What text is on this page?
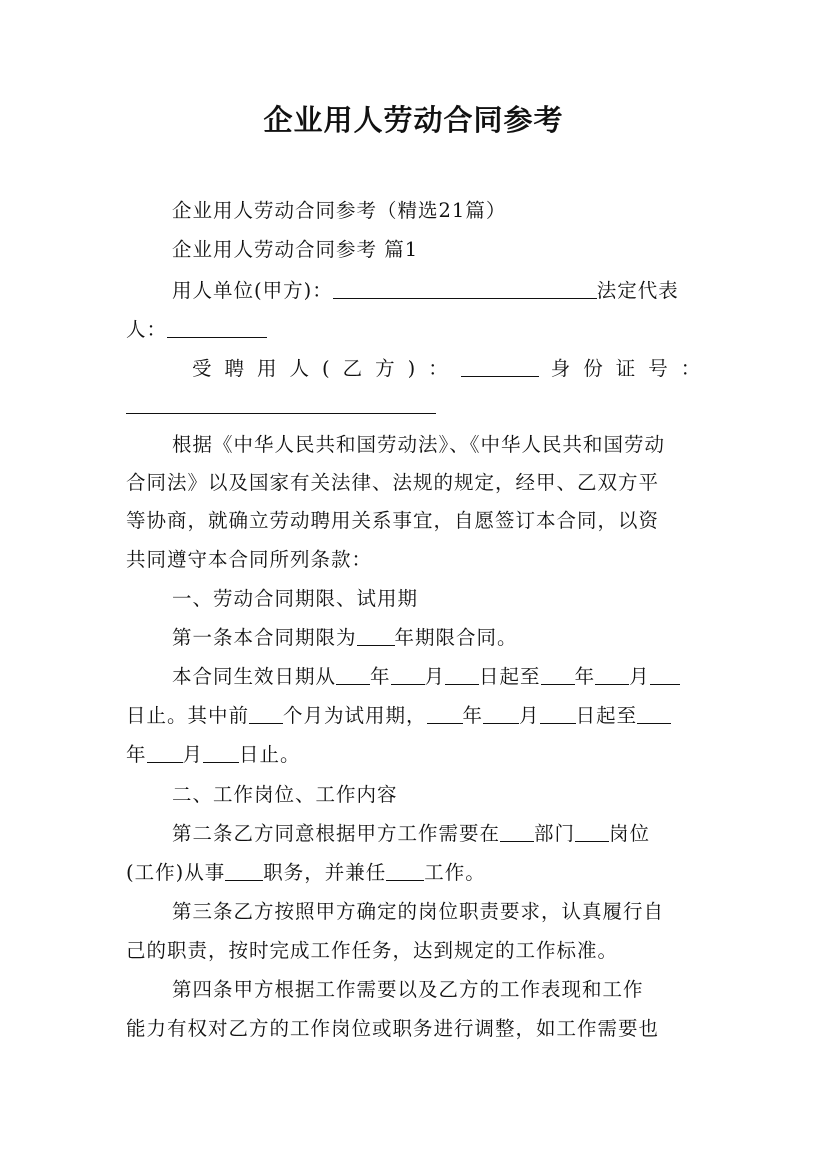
企业用人劳动合同参考
企业用人劳动合同参考（精选21篇）
企业用人劳动合同参考 篇1
用人单位(甲方)：	法定代表
人：
受聘用人(乙方)：	身份证号：
根据《中华人民共和国劳动法》、《中华人民共和国劳动
合同法》以及国家有关法律、法规的规定，经甲、乙双方平
等协商，就确立劳动聘用关系事宜，自愿签订本合同，以资
共同遵守本合同所列条款：
一、劳动合同期限、试用期
第一条本合同期限为 年期限合同。
本合同生效日期从 年 月 日起至 年 月
日止。其中前 个月为试用期， 年 月 日起至
年 月 日止。
二、工作岗位、工作内容
第二条乙方同意根据甲方工作需要在 部门 岗位
(工作)从事 职务，并兼任 工作。
第三条乙方按照甲方确定的岗位职责要求，认真履行自
己的职责，按时完成工作任务，达到规定的工作标准。
第四条甲方根据工作需要以及乙方的工作表现和工作
能力有权对乙方的工作岗位或职务进行调整，如工作需要也
